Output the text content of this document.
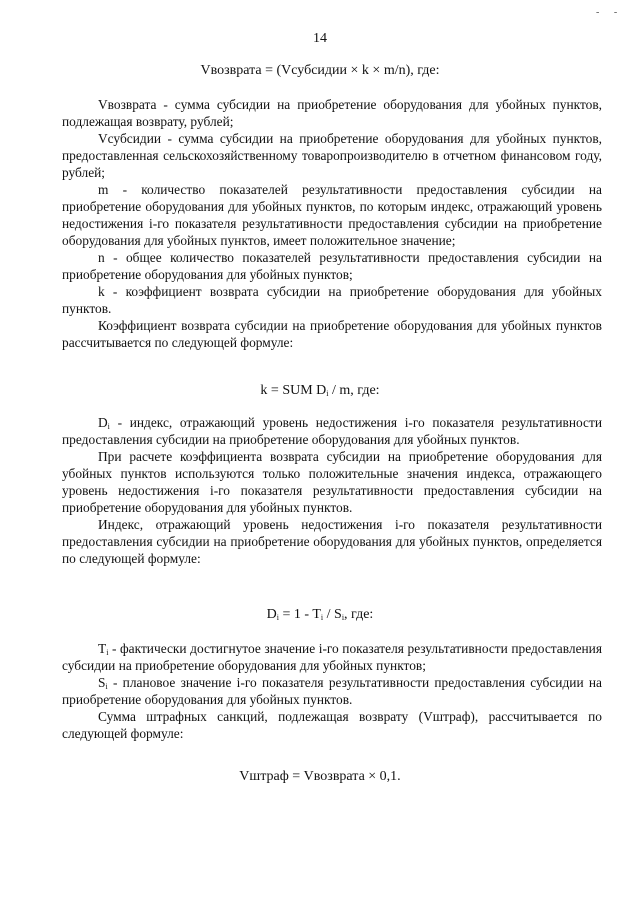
- -
14
Vвозврата = (Vсубсидии × k × m/n), где:

Vвозврата - сумма субсидии на приобретение оборудования для убойных пунктов, подлежащая возврату, рублей;

Vсубсидии - сумма субсидии на приобретение оборудования для убойных пунктов, предоставленная сельскохозяйственному товаропроизводителю в отчетном финансовом году, рублей;

m - количество показателей результативности предоставления субсидии на приобретение оборудования для убойных пунктов, по которым индекс, отражающий уровень недостижения i-го показателя результативности предоставления субсидии на приобретение оборудования для убойных пунктов, имеет положительное значение;

n - общее количество показателей результативности предоставления субсидии на приобретение оборудования для убойных пунктов;

k - коэффициент возврата субсидии на приобретение оборудования для убойных пунктов.

Коэффициент возврата субсидии на приобретение оборудования для убойных пунктов рассчитывается по следующей формуле:

k = SUM $D_i$ / m, где:

$D_i$ - индекс, отражающий уровень недостижения i-го показателя результативности предоставления субсидии на приобретение оборудования для убойных пунктов.

При расчете коэффициента возврата субсидии на приобретение оборудования для убойных пунктов используются только положительные значения индекса, отражающего уровень недостижения i-го показателя результативности предоставления субсидии на приобретение оборудования для убойных пунктов.

Индекс, отражающий уровень недостижения i-го показателя результативности предоставления субсидии на приобретение оборудования для убойных пунктов, определяется по следующей формуле:

$D_i = 1 - T_i / S_i$, где:

$T_i$ - фактически достигнутое значение i-го показателя результативности предоставления субсидии на приобретение оборудования для убойных пунктов;

$S_i$ - плановое значение i-го показателя результативности предоставления субсидии на приобретение оборудования для убойных пунктов.

Сумма штрафных санкций, подлежащая возврату (Vштраф), рассчитывается по следующей формуле:

Vштраф = Vвозврата × 0,1.
